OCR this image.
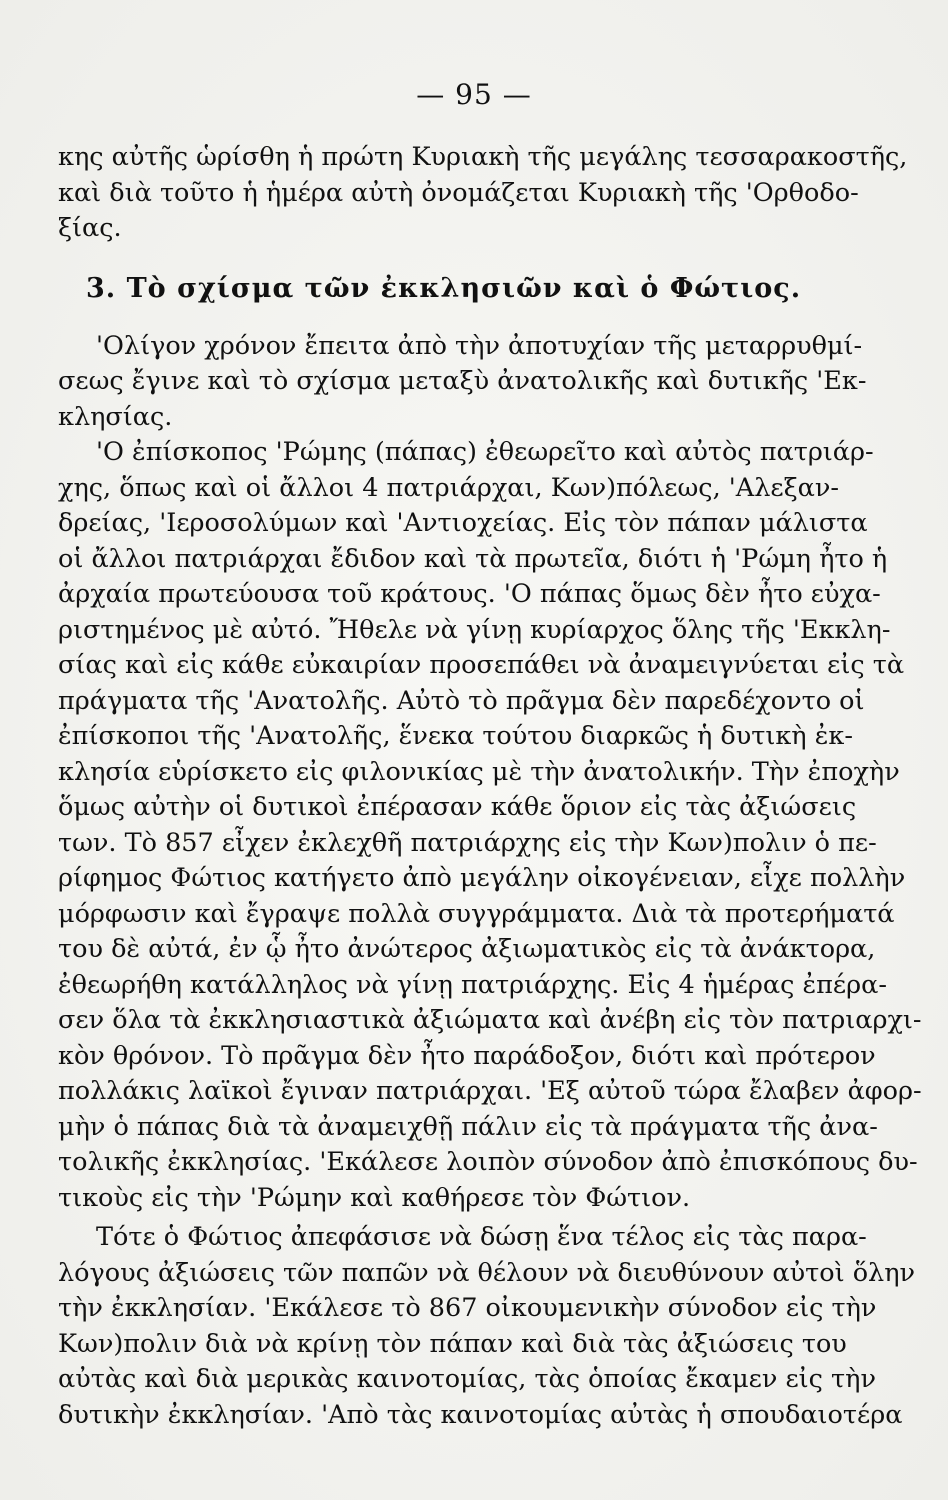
— 95 —
κης αὐτῆς ὡρίσθη ἡ πρώτη Κυριακὴ τῆς μεγάλης τεσσαρακοστῆς,
καὶ διὰ τοῦτο ἡ ἡμέρα αὐτὴ ὀνομάζεται Κυριακὴ τῆς 'Ορθοδο-
ξίας.
3. Τὸ σχίσμα τῶν ἐκκλησιῶν καὶ ὁ Φώτιος.
'Ολίγον χρόνον ἔπειτα ἀπὸ τὴν ἀποτυχίαν τῆς μεταρρυθμί-
σεως ἔγινε καὶ τὸ σχίσμα μεταξὺ ἀνατολικῆς καὶ δυτικῆς 'Εκ-
κλησίας.
'Ο ἐπίσκοπος 'Ρώμης (πάπας) ἐθεωρεῖτο καὶ αὐτὸς πατριάρ-
χης, ὅπως καὶ οἱ ἄλλοι 4 πατριάρχαι, Κων)πόλεως, 'Αλεξαν-
δρείας, 'Ιεροσολύμων καὶ 'Αντιοχείας. Εἰς τὸν πάπαν μάλιστα
οἱ ἄλλοι πατριάρχαι ἔδιδον καὶ τὰ πρωτεῖα, διότι ἡ 'Ρώμη ἦτο ἡ
ἀρχαία πρωτεύουσα τοῦ κράτους. 'Ο πάπας ὅμως δὲν ἦτο εὐχα-
ριστημένος μὲ αὐτό. Ἤθελε νὰ γίνῃ κυρίαρχος ὅλης τῆς 'Εκκλη-
σίας καὶ εἰς κάθε εὐκαιρίαν προσεπάθει νὰ ἀναμειγνύεται εἰς τὰ
πράγματα τῆς 'Ανατολῆς. Αὐτὸ τὸ πρᾶγμα δὲν παρεδέχοντο οἱ
ἐπίσκοποι τῆς 'Ανατολῆς, ἕνεκα τούτου διαρκῶς ἡ δυτικὴ ἐκ-
κλησία εὑρίσκετο εἰς φιλονικίας μὲ τὴν ἀνατολικήν. Τὴν ἐποχὴν
ὅμως αὐτὴν οἱ δυτικοὶ ἐπέρασαν κάθε ὅριον εἰς τὰς ἀξιώσεις
των. Τὸ 857 εἶχεν ἐκλεχθῆ πατριάρχης εἰς τὴν Κων)πολιν ὁ πε-
ρίφημος Φώτιος κατήγετο ἀπὸ μεγάλην οἰκογένειαν, εἶχε πολλὴν
μόρφωσιν καὶ ἔγραψε πολλὰ συγγράμματα. Διὰ τὰ προτερήματά
του δὲ αὐτά, ἐν ᾧ ἦτο ἀνώτερος ἀξιωματικὸς εἰς τὰ ἀνάκτορα,
ἐθεωρήθη κατάλληλος νὰ γίνῃ πατριάρχης. Εἰς 4 ἡμέρας ἐπέρα-
σεν ὅλα τὰ ἐκκλησιαστικὰ ἀξιώματα καὶ ἀνέβη εἰς τὸν πατριαρχι-
κὸν θρόνον. Τὸ πρᾶγμα δὲν ἦτο παράδοξον, διότι καὶ πρότερον
πολλάκις λαϊκοὶ ἔγιναν πατριάρχαι. 'Εξ αὐτοῦ τώρα ἔλαβεν ἀφορ-
μὴν ὁ πάπας διὰ τὰ ἀναμειχθῇ πάλιν εἰς τὰ πράγματα τῆς ἀνα-
τολικῆς ἐκκλησίας. 'Εκάλεσε λοιπὸν σύνοδον ἀπὸ ἐπισκόπους δυ-
τικοὺς εἰς τὴν 'Ρώμην καὶ καθήρεσε τὸν Φώτιον.
Τότε ὁ Φώτιος ἀπεφάσισε νὰ δώσῃ ἕνα τέλος εἰς τὰς παρα-
λόγους ἀξιώσεις τῶν παπῶν νὰ θέλουν νὰ διευθύνουν αὐτοὶ ὅλην
τὴν ἐκκλησίαν. 'Εκάλεσε τὸ 867 οἰκουμενικὴν σύνοδον εἰς τὴν
Κων)πολιν διὰ νὰ κρίνῃ τὸν πάπαν καὶ διὰ τὰς ἀξιώσεις του
αὐτὰς καὶ διὰ μερικὰς καινοτομίας, τὰς ὁποίας ἔκαμεν εἰς τὴν
δυτικὴν ἐκκλησίαν. 'Απὸ τὰς καινοτομίας αὐτὰς ἡ σπουδαιοτέρα
